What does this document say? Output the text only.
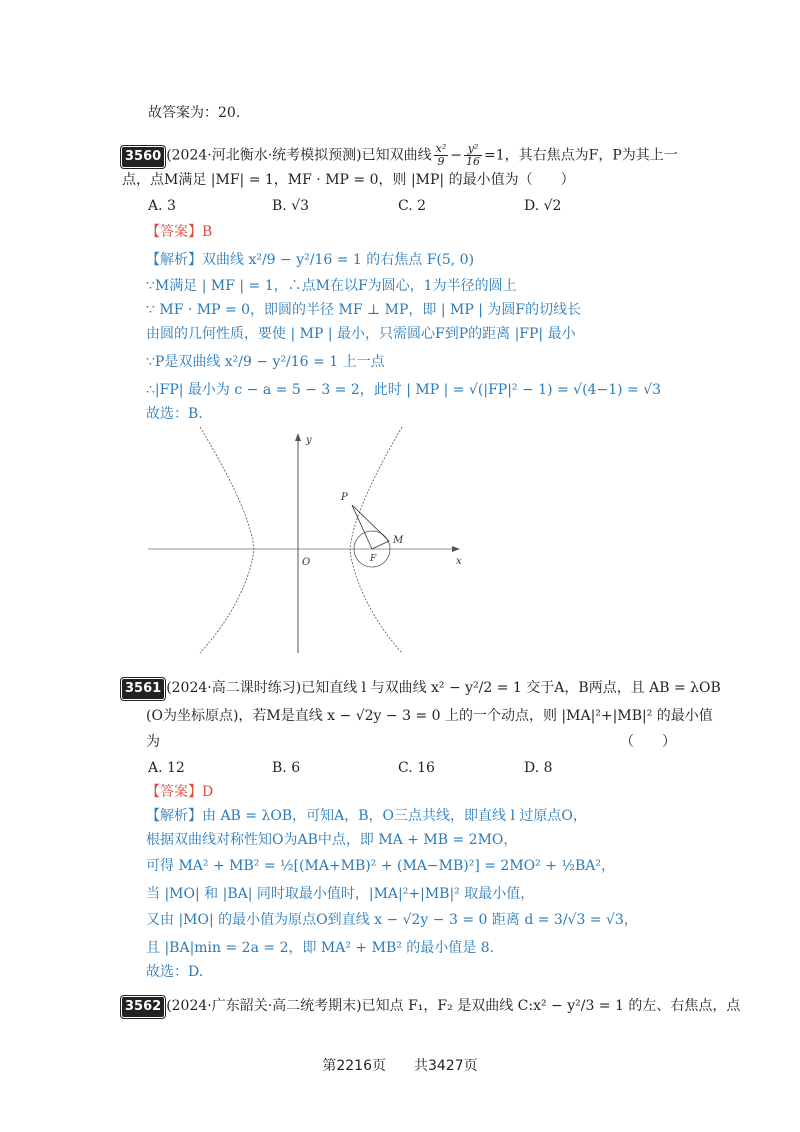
故答案为：20.
3560 (2024·河北衡水·统考模拟预测)已知双曲线 $\frac{\text{x²}}{9} - \frac{\text{y²}}{16} =1$，其右焦点为F，P为其上一
点，点M满足 |MF| = 1，MF · MP = 0，则 |MP| 的最小值为（　　）
A. 3	B. √3	C. 2	D. √2
【答案】B
【解析】双曲线 x²/9 − y²/16 = 1 的右焦点 F(5, 0)
∵M满足 | MF | = 1，∴点M在以F为圆心，1为半径的圆上
∵ MF · MP = 0，即圆的半径 MF ⊥ MP，即 | MP | 为圆F的切线长
由圆的几何性质，要使 | MP | 最小，只需圆心F到P的距离 |FP| 最小
∵P是双曲线 x²/9 − y²/16 = 1 上一点
∴|FP| 最小为 c − a = 5 − 3 = 2，此时 | MP | = √(|FP|² − 1) = √(4−1) = √3
故选：B.
y
x
O
P
M
F
3561 (2024·高二课时练习)已知直线 l 与双曲线 x² − y²/2 = 1 交于A，B两点，且 AB = λOB
(O为坐标原点)，若M是直线 x − √2y − 3 = 0 上的一个动点，则 |MA|²+|MB|² 的最小值
为	（　　）
A. 12	B. 6	C. 16	D. 8
【答案】D
【解析】由 AB = λOB，可知A，B，O三点共线，即直线 l 过原点O，
根据双曲线对称性知O为AB中点，即 MA + MB = 2MO，
可得 MA² + MB² = ½[(MA+MB)² + (MA−MB)²] = 2MO² + ½BA²，
当 |MO| 和 |BA| 同时取最小值时，|MA|²+|MB|² 取最小值，
又由 |MO| 的最小值为原点O到直线 x − √2y − 3 = 0 距离 d = 3/√3 = √3，
且 |BA|min = 2a = 2，即 MA² + MB² 的最小值是 8.
故选：D.
3562 (2024·广东韶关·高二统考期末)已知点 F₁，F₂ 是双曲线 C:x² − y²/3 = 1 的左、右焦点，点
第2216页　　共3427页
